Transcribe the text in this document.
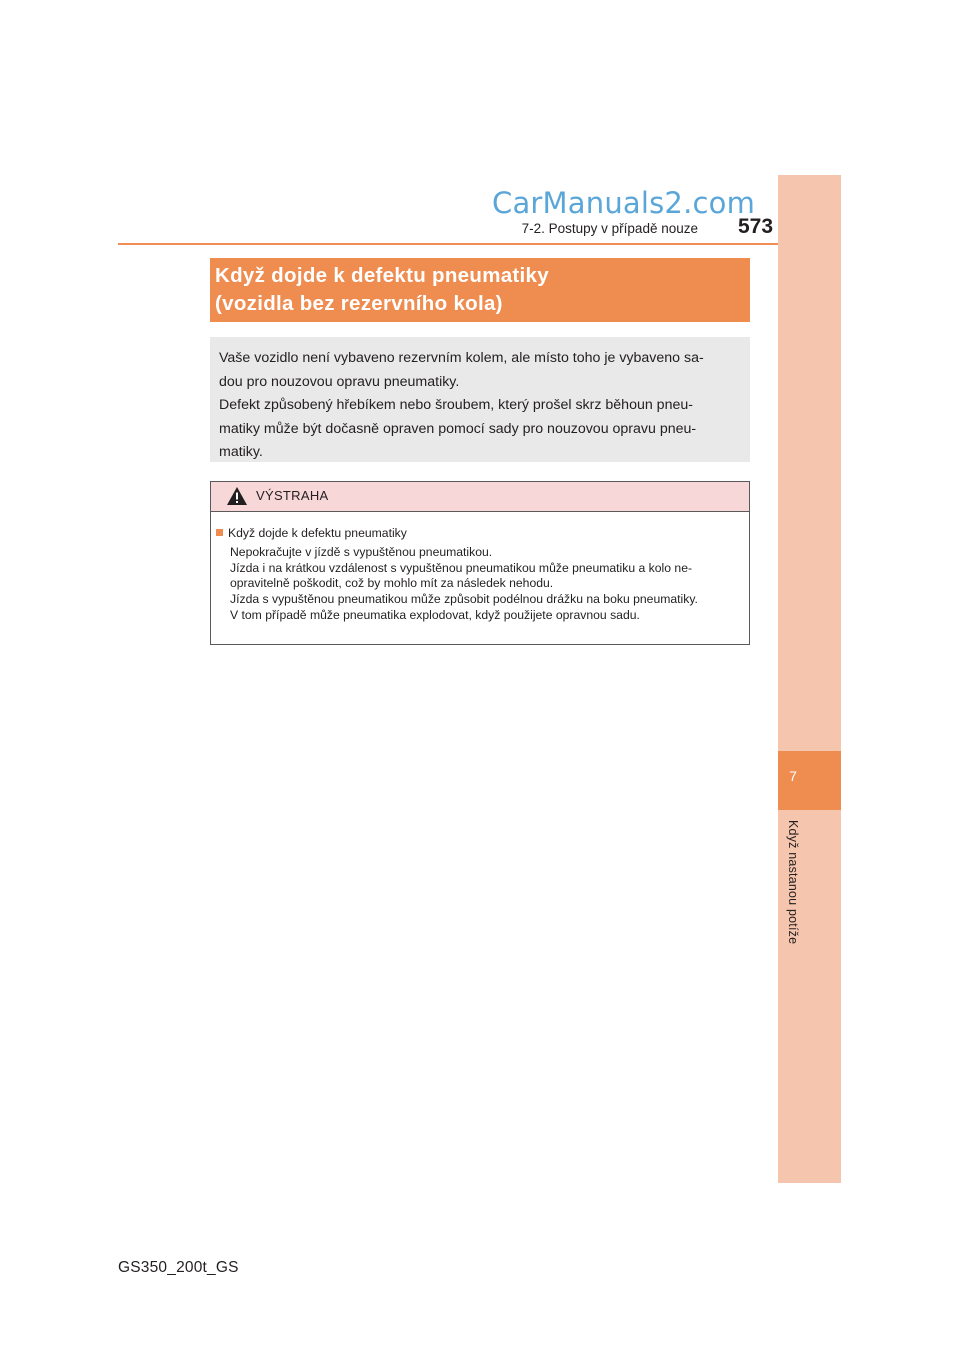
CarManuals2.com
7-2. Postupy v případě nouze 573
7
Když nastanou potíže
Když dojde k defektu pneumatiky
(vozidla bez rezervního kola)
Vaše vozidlo není vybaveno rezervním kolem, ale místo toho je vybaveno sa-
dou pro nouzovou opravu pneumatiky.
Defekt způsobený hřebíkem nebo šroubem, který prošel skrz běhoun pneu-
matiky může být dočasně opraven pomocí sady pro nouzovou opravu pneu-
matiky.
VÝSTRAHA
Když dojde k defektu pneumatiky
Nepokračujte v jízdě s vypuštěnou pneumatikou.
Jízda i na krátkou vzdálenost s vypuštěnou pneumatikou může pneumatiku a kolo ne-
opravitelně poškodit, což by mohlo mít za následek nehodu.
Jízda s vypuštěnou pneumatikou může způsobit podélnou drážku na boku pneumatiky.
V tom případě může pneumatika explodovat, když použijete opravnou sadu.
GS350_200t_GS
